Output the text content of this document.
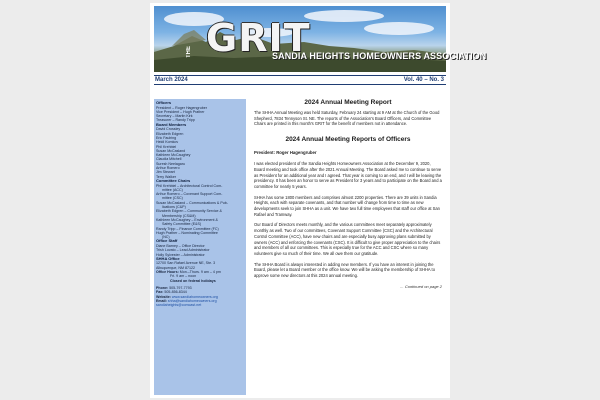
THE GRIT
SANDIA HEIGHTS HOMEOWNERS ASSOCIATION
March 2024	Vol. 40 – No. 3
Officers
President – Roger Hagengruber
Vice President – Hugh Prather
Secretary – Martin Kirk
Treasurer – Randy Tripp
Board Members
David Crossley
Elizabeth Edgren
Eric Faulring
Heidi Komkov
Phil Krehbiel
Susan McCasland
Kathleen McCaughey
Claudia Mitchell
Suresh Neelagaru
Arthur Romero
Jim Stewart
Terry Walker
Committee Chairs
Phil Krehbiel – Architectural Control Com-
mittee (ACC)
Arthur Romero – Covenant Support Com-
mittee (CSC)
Susan McCasland – Communications & Pub-
lications (C&P)
Elizabeth Edgren – Community Service &
Membership (CS&M)
Kathleen McCaughey – Environment &
Safety Committee (E&S)
Randy Tripp – Finance Committee (FC)
Hugh Prather – Nominating Committee
(NC)
Office Staff
Diane Barney – Office Director
Trish Lovato – Lead Administrator
Holly Sylvester – Administrator
SHHA Office
12700 San Rafael Avenue NE, Ste. 3
Albuquerque, NM 87122
Office Hours: Mon.–Thurs. 9 am – 4 pm
Fri. 9 am – noon
Closed on federal holidays
Phone: 505-797-7793
Fax: 505-856-8344
Website: www.sandiahomeowners.org
Email: shha@sandiahomeowners.org
sandiaheights@comcast.net
2024 Annual Meeting Report
The SHHA Annual Meeting was held Saturday, February 24 starting at 9 AM at the Church of the Good Shepherd, 7834 Tennyson St. NE. The reports of the Association's Board Officers, and Committee Chairs are printed in this month's GRIT for the benefit of members not in attendance.
2024 Annual Meeting Reports of Officers
President: Roger Hagengruber
I was elected president of the Sandia Heights Homeowners Association at the December 9, 2020, Board meeting and took office after the 2021 Annual Meeting. The Board asked me to continue to serve as President for an additional year and I agreed. That year is coming to an end, and I will be leaving the presidency. It has been an honor to serve as President for 3 years and to participate on the Board and a committee for nearly 5 years.
SHHA has some 1800 members and comprises almost 2200 properties. There are 39 units in Sandia Heights, each with separate covenants, and that number will change from time to time as new developments seek to join SHHA as a unit. We have two full time employees that staff our office at San Rafael and Tramway.
Our Board of Directors meets monthly, and the various committees meet separately approximately monthly as well. Two of our committees, Covenant Support Committee (CSC) and the Architectural Control Committee (ACC), have new chairs and are especially busy approving plans submitted by owners (ACC) and enforcing the covenants (CSC). It is difficult to give proper appreciation to the chairs and members of all our committees. This is especially true for the ACC and CSC where so many volunteers give so much of their time. We all owe them our gratitude.
The SHHA Board is always interested in adding new members. If you have an interest in joining the Board, please let a Board member or the office know. We will be asking the membership of SHHA to approve some new directors at this 2024 annual meeting.
… Continued on page 2
